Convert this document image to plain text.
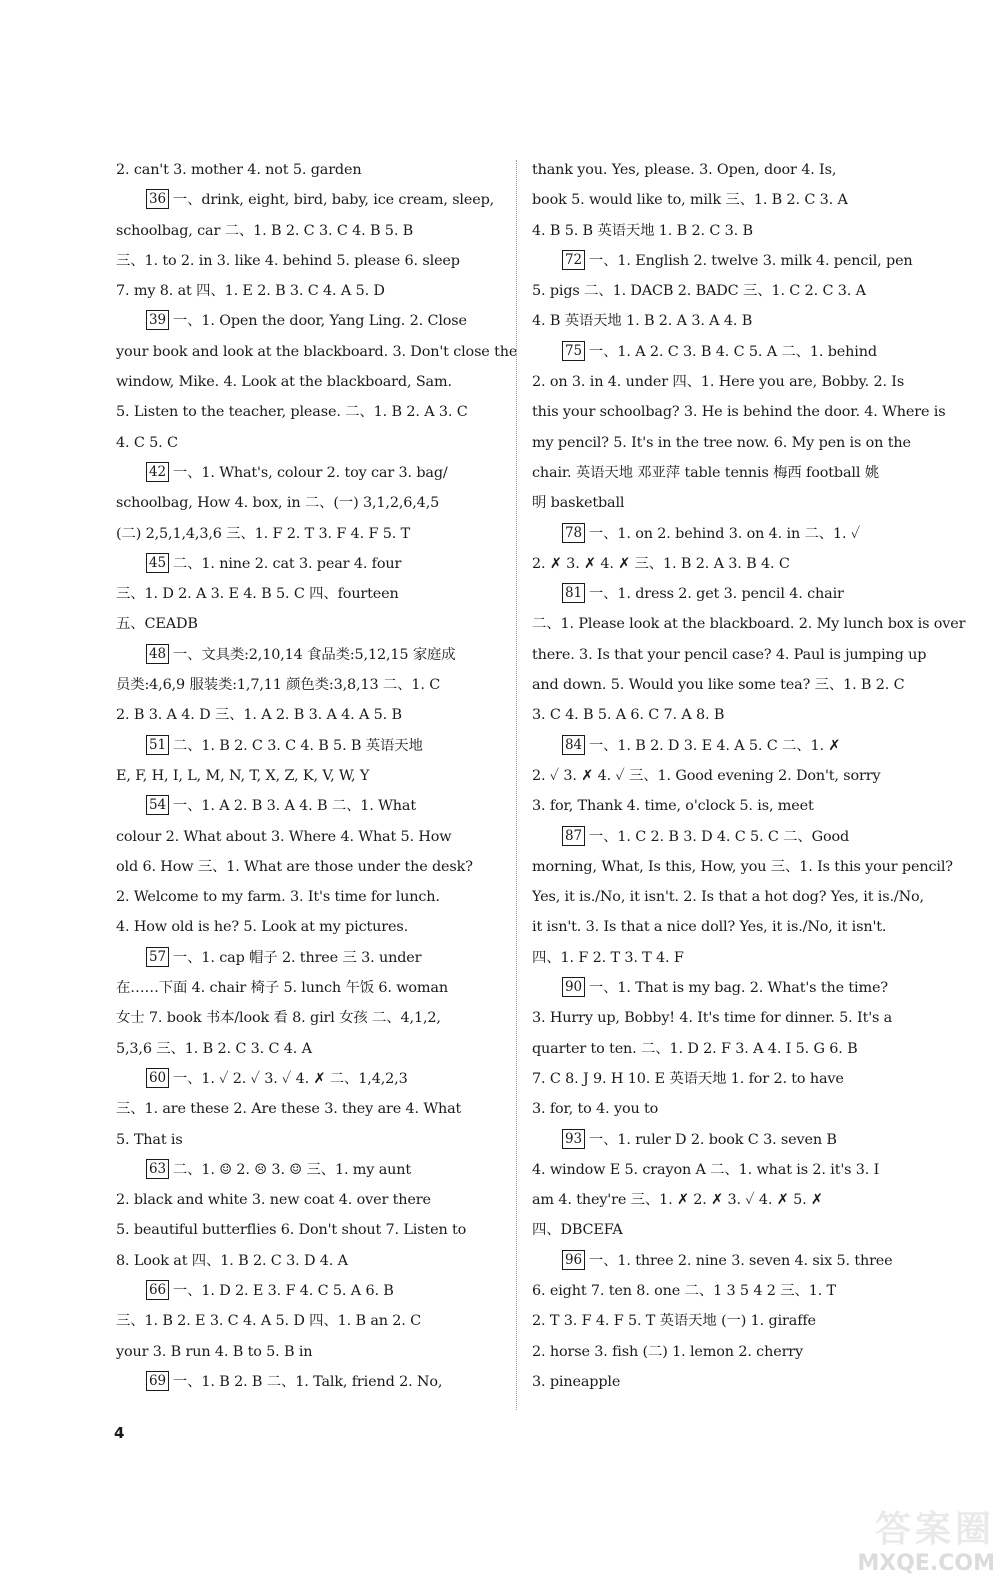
2. can't 3. mother 4. not 5. garden
36 一、drink, eight, bird, baby, ice cream, sleep,
schoolbag, car 二、1. B 2. C 3. C 4. B 5. B
三、1. to 2. in 3. like 4. behind 5. please 6. sleep
7. my 8. at 四、1. E 2. B 3. C 4. A 5. D
39 一、1. Open the door, Yang Ling. 2. Close
your book and look at the blackboard. 3. Don't close the
window, Mike. 4. Look at the blackboard, Sam.
5. Listen to the teacher, please. 二、1. B 2. A 3. C
4. C 5. C
42 一、1. What's, colour 2. toy car 3. bag/
schoolbag, How 4. box, in 二、(一) 3,1,2,6,4,5
(二) 2,5,1,4,3,6 三、1. F 2. T 3. F 4. F 5. T
45 二、1. nine 2. cat 3. pear 4. four
三、1. D 2. A 3. E 4. B 5. C 四、fourteen
五、CEADB
48 一、文具类:2,10,14 食品类:5,12,15 家庭成
员类:4,6,9 服装类:1,7,11 颜色类:3,8,13 二、1. C
2. B 3. A 4. D 三、1. A 2. B 3. A 4. A 5. B
51 二、1. B 2. C 3. C 4. B 5. B 英语天地
E, F, H, I, L, M, N, T, X, Z, K, V, W, Y
54 一、1. A 2. B 3. A 4. B 二、1. What
colour 2. What about 3. Where 4. What 5. How
old 6. How 三、1. What are those under the desk?
2. Welcome to my farm. 3. It's time for lunch.
4. How old is he? 5. Look at my pictures.
57 一、1. cap 帽子 2. three 三 3. under
在……下面 4. chair 椅子 5. lunch 午饭 6. woman
女士 7. book 书本/look 看 8. girl 女孩 二、4,1,2,
5,3,6 三、1. B 2. C 3. C 4. A
60 一、1. ✓ 2. ✓ 3. ✓ 4. ✗ 二、1,4,2,3
三、1. are these 2. Are these 3. they are 4. What
5. That is
63 二、1. ☺ 2. ☹ 3. ☺ 三、1. my aunt
2. black and white 3. new coat 4. over there
5. beautiful butterflies 6. Don't shout 7. Listen to
8. Look at 四、1. B 2. C 3. D 4. A
66 一、1. D 2. E 3. F 4. C 5. A 6. B
三、1. B 2. E 3. C 4. A 5. D 四、1. B an 2. C
your 3. B run 4. B to 5. B in
69 一、1. B 2. B 二、1. Talk, friend 2. No,
thank you. Yes, please. 3. Open, door 4. Is,
book 5. would like to, milk 三、1. B 2. C 3. A
4. B 5. B 英语天地 1. B 2. C 3. B
72 一、1. English 2. twelve 3. milk 4. pencil, pen
5. pigs 二、1. DACB 2. BADC 三、1. C 2. C 3. A
4. B 英语天地 1. B 2. A 3. A 4. B
75 一、1. A 2. C 3. B 4. C 5. A 二、1. behind
2. on 3. in 4. under 四、1. Here you are, Bobby. 2. Is
this your schoolbag? 3. He is behind the door. 4. Where is
my pencil? 5. It's in the tree now. 6. My pen is on the
chair. 英语天地 邓亚萍 table tennis 梅西 football 姚
明 basketball
78 一、1. on 2. behind 3. on 4. in 二、1. ✓
2. ✗ 3. ✗ 4. ✗ 三、1. B 2. A 3. B 4. C
81 一、1. dress 2. get 3. pencil 4. chair
二、1. Please look at the blackboard. 2. My lunch box is over
there. 3. Is that your pencil case? 4. Paul is jumping up
and down. 5. Would you like some tea? 三、1. B 2. C
3. C 4. B 5. A 6. C 7. A 8. B
84 一、1. B 2. D 3. E 4. A 5. C 二、1. ✗
2. ✓ 3. ✗ 4. ✓ 三、1. Good evening 2. Don't, sorry
3. for, Thank 4. time, o'clock 5. is, meet
87 一、1. C 2. B 3. D 4. C 5. C 二、Good
morning, What, Is this, How, you 三、1. Is this your pencil?
Yes, it is./No, it isn't. 2. Is that a hot dog? Yes, it is./No,
it isn't. 3. Is that a nice doll? Yes, it is./No, it isn't.
四、1. F 2. T 3. T 4. F
90 一、1. That is my bag. 2. What's the time?
3. Hurry up, Bobby! 4. It's time for dinner. 5. It's a
quarter to ten. 二、1. D 2. F 3. A 4. I 5. G 6. B
7. C 8. J 9. H 10. E 英语天地 1. for 2. to have
3. for, to 4. you to
93 一、1. ruler D 2. book C 3. seven B
4. window E 5. crayon A 二、1. what is 2. it's 3. I
am 4. they're 三、1. ✗ 2. ✗ 3. ✓ 4. ✗ 5. ✗
四、DBCEFA
96 一、1. three 2. nine 3. seven 4. six 5. three
6. eight 7. ten 8. one 二、1 3 5 4 2 三、1. T
2. T 3. F 4. F 5. T 英语天地 (一) 1. giraffe
2. horse 3. fish (二) 1. lemon 2. cherry
3. pineapple
4
答案圈
MXQE.COM
